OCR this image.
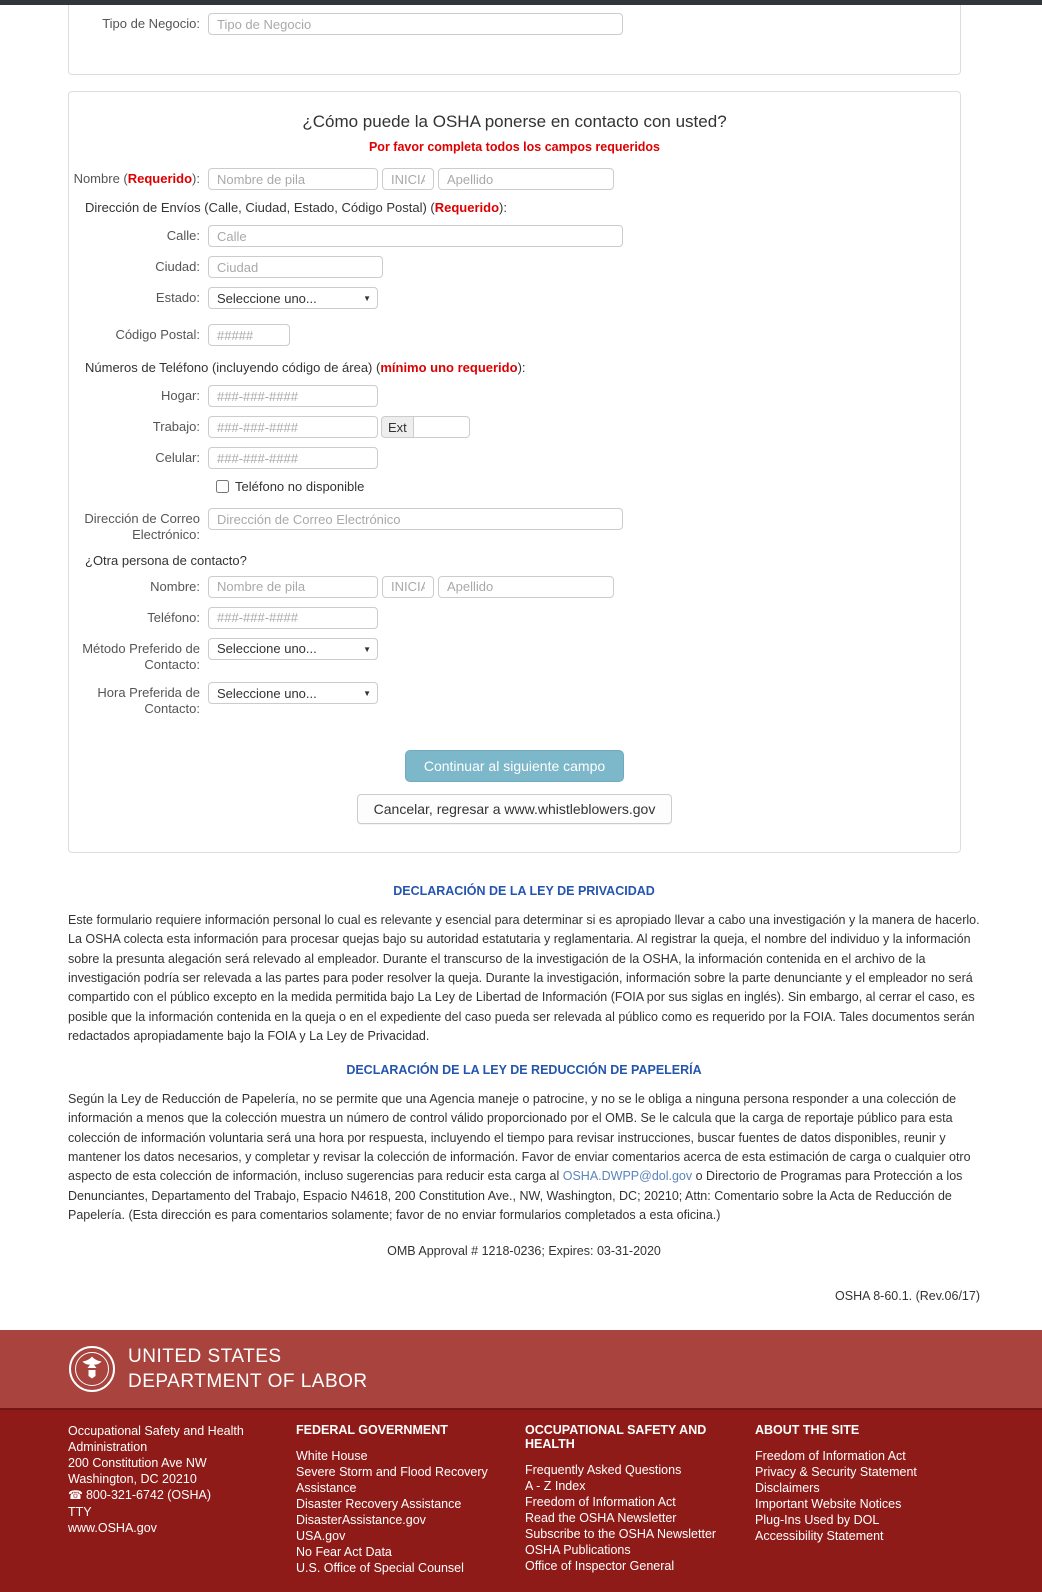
Tipo de Negocio:
Tipo de Negocio
¿Cómo puede la OSHA ponerse en contacto con usted?
Por favor completa todos los campos requeridos
Nombre (Requerido):
Nombre de pila
INICIAL
Apellido
Dirección de Envíos (Calle, Ciudad, Estado, Código Postal) (Requerido):
Calle:
Calle
Ciudad:
Ciudad
Estado:
Seleccione uno... ▼
Código Postal:
#####
Números de Teléfono (incluyendo código de área) (mínimo uno requerido):
Hogar:
###-###-####
Trabajo:
###-###-####	Ext
Celular:
###-###-####
Teléfono no disponible
Dirección de Correo Electrónico:
Dirección de Correo Electrónico
¿Otra persona de contacto?
Nombre:
Nombre de pila
INICIAL
Apellido
Teléfono:
###-###-####
Método Preferido de Contacto:
Seleccione uno... ▼
Hora Preferida de Contacto:
Seleccione uno... ▼
Continuar al siguiente campo
Cancelar, regresar a www.whistleblowers.gov
DECLARACIÓN DE LA LEY DE PRIVACIDAD

Este formulario requiere información personal lo cual es relevante y esencial para determinar si es apropiado llevar a cabo una investigación y la manera de hacerlo. La OSHA colecta esta información para procesar quejas bajo su autoridad estatutaria y reglamentaria. Al registrar la queja, el nombre del individuo y la información sobre la presunta alegación será relevado al empleador. Durante el transcurso de la investigación de la OSHA, la información contenida en el archivo de la investigación podría ser relevada a las partes para poder resolver la queja. Durante la investigación, información sobre la parte denunciante y el empleador no será compartido con el público excepto en la medida permitida bajo La Ley de Libertad de Información (FOIA por sus siglas en inglés). Sin embargo, al cerrar el caso, es posible que la información contenida en la queja o en el expediente del caso pueda ser relevada al público como es requerido por la FOIA. Tales documentos serán redactados apropiadamente bajo la FOIA y La Ley de Privacidad.

DECLARACIÓN DE LA LEY DE REDUCCIÓN DE PAPELERÍA

Según la Ley de Reducción de Papelería, no se permite que una Agencia maneje o patrocine, y no se le obliga a ninguna persona responder a una colección de información a menos que la colección muestra un número de control válido proporcionado por el OMB. Se le calcula que la carga de reportaje público para esta colección de información voluntaria será una hora por respuesta, incluyendo el tiempo para revisar instrucciones, buscar fuentes de datos disponibles, reunir y mantener los datos necesarios, y completar y revisar la colección de información. Favor de enviar comentarios acerca de esta estimación de carga o cualquier otro aspecto de esta colección de información, incluso sugerencias para reducir esta carga al OSHA.DWPP@dol.gov o Directorio de Programas para Protección a los Denunciantes, Departamento del Trabajo, Espacio N4618, 200 Constitution Ave., NW, Washington, DC; 20210; Attn: Comentario sobre la Acta de Reducción de Papelería. (Esta dirección es para comentarios solamente; favor de no enviar formularios completados a esta oficina.)

OMB Approval # 1218-0236; Expires: 03-31-2020
OSHA 8-60.1. (Rev.06/17)
UNITED STATES
DEPARTMENT OF LABOR
Occupational Safety and Health Administration
200 Constitution Ave NW
Washington, DC 20210
☎ 800-321-6742 (OSHA)
TTY
www.OSHA.gov
FEDERAL GOVERNMENT
White House
Severe Storm and Flood Recovery Assistance
Disaster Recovery Assistance
DisasterAssistance.gov
USA.gov
No Fear Act Data
U.S. Office of Special Counsel
OCCUPATIONAL SAFETY AND HEALTH
Frequently Asked Questions
A - Z Index
Freedom of Information Act
Read the OSHA Newsletter
Subscribe to the OSHA Newsletter
OSHA Publications
Office of Inspector General
ABOUT THE SITE
Freedom of Information Act
Privacy & Security Statement
Disclaimers
Important Website Notices
Plug-Ins Used by DOL
Accessibility Statement
